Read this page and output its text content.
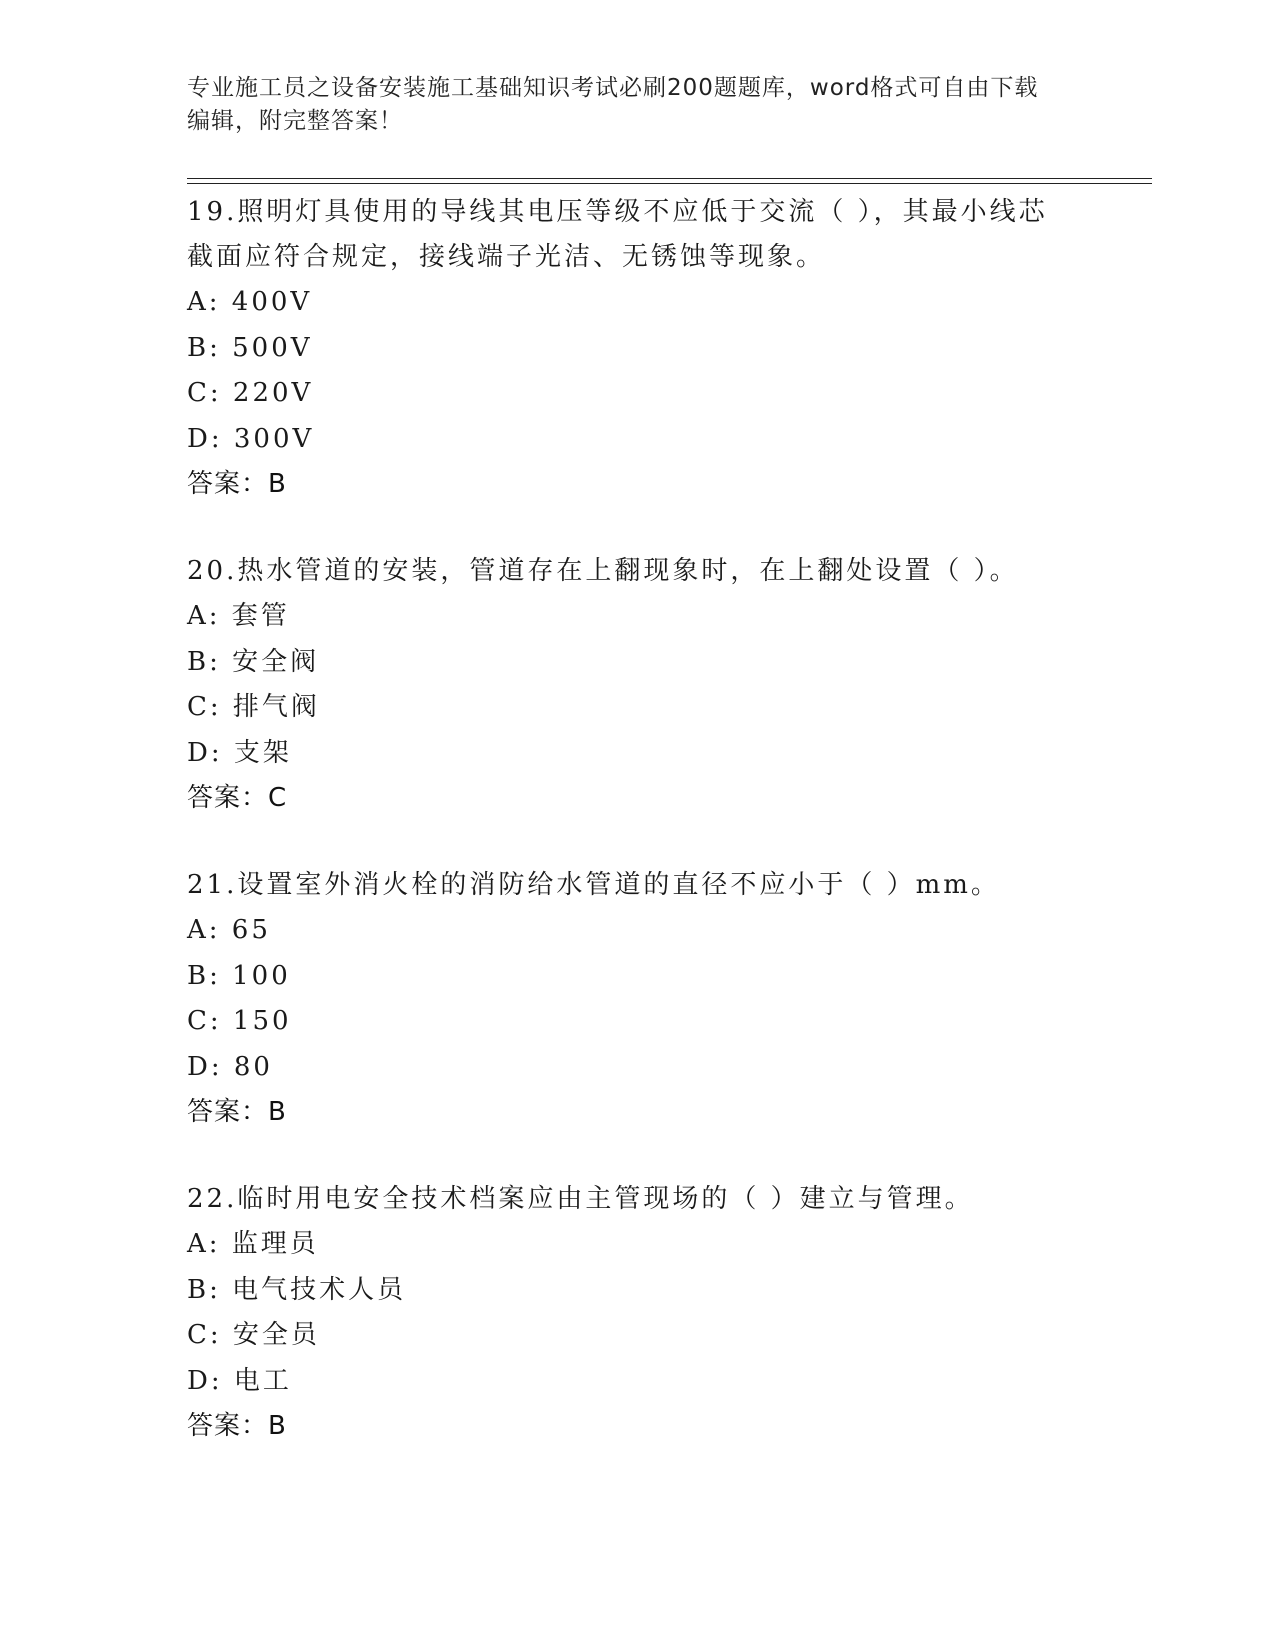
专业施工员之设备安装施工基础知识考试必刷200题题库，word格式可自由下载
编辑，附完整答案！
19.照明灯具使用的导线其电压等级不应低于交流（ ），其最小线芯
截面应符合规定，接线端子光洁、无锈蚀等现象。
A: 400V
B: 500V
C: 220V
D: 300V
答案：B
20.热水管道的安装，管道存在上翻现象时，在上翻处设置（ ）。
A: 套管
B: 安全阀
C: 排气阀
D: 支架
答案：C
21.设置室外消火栓的消防给水管道的直径不应小于（ ）mm。
A: 65
B: 100
C: 150
D: 80
答案：B
22.临时用电安全技术档案应由主管现场的（ ）建立与管理。
A: 监理员
B: 电气技术人员
C: 安全员
D: 电工
答案：B
